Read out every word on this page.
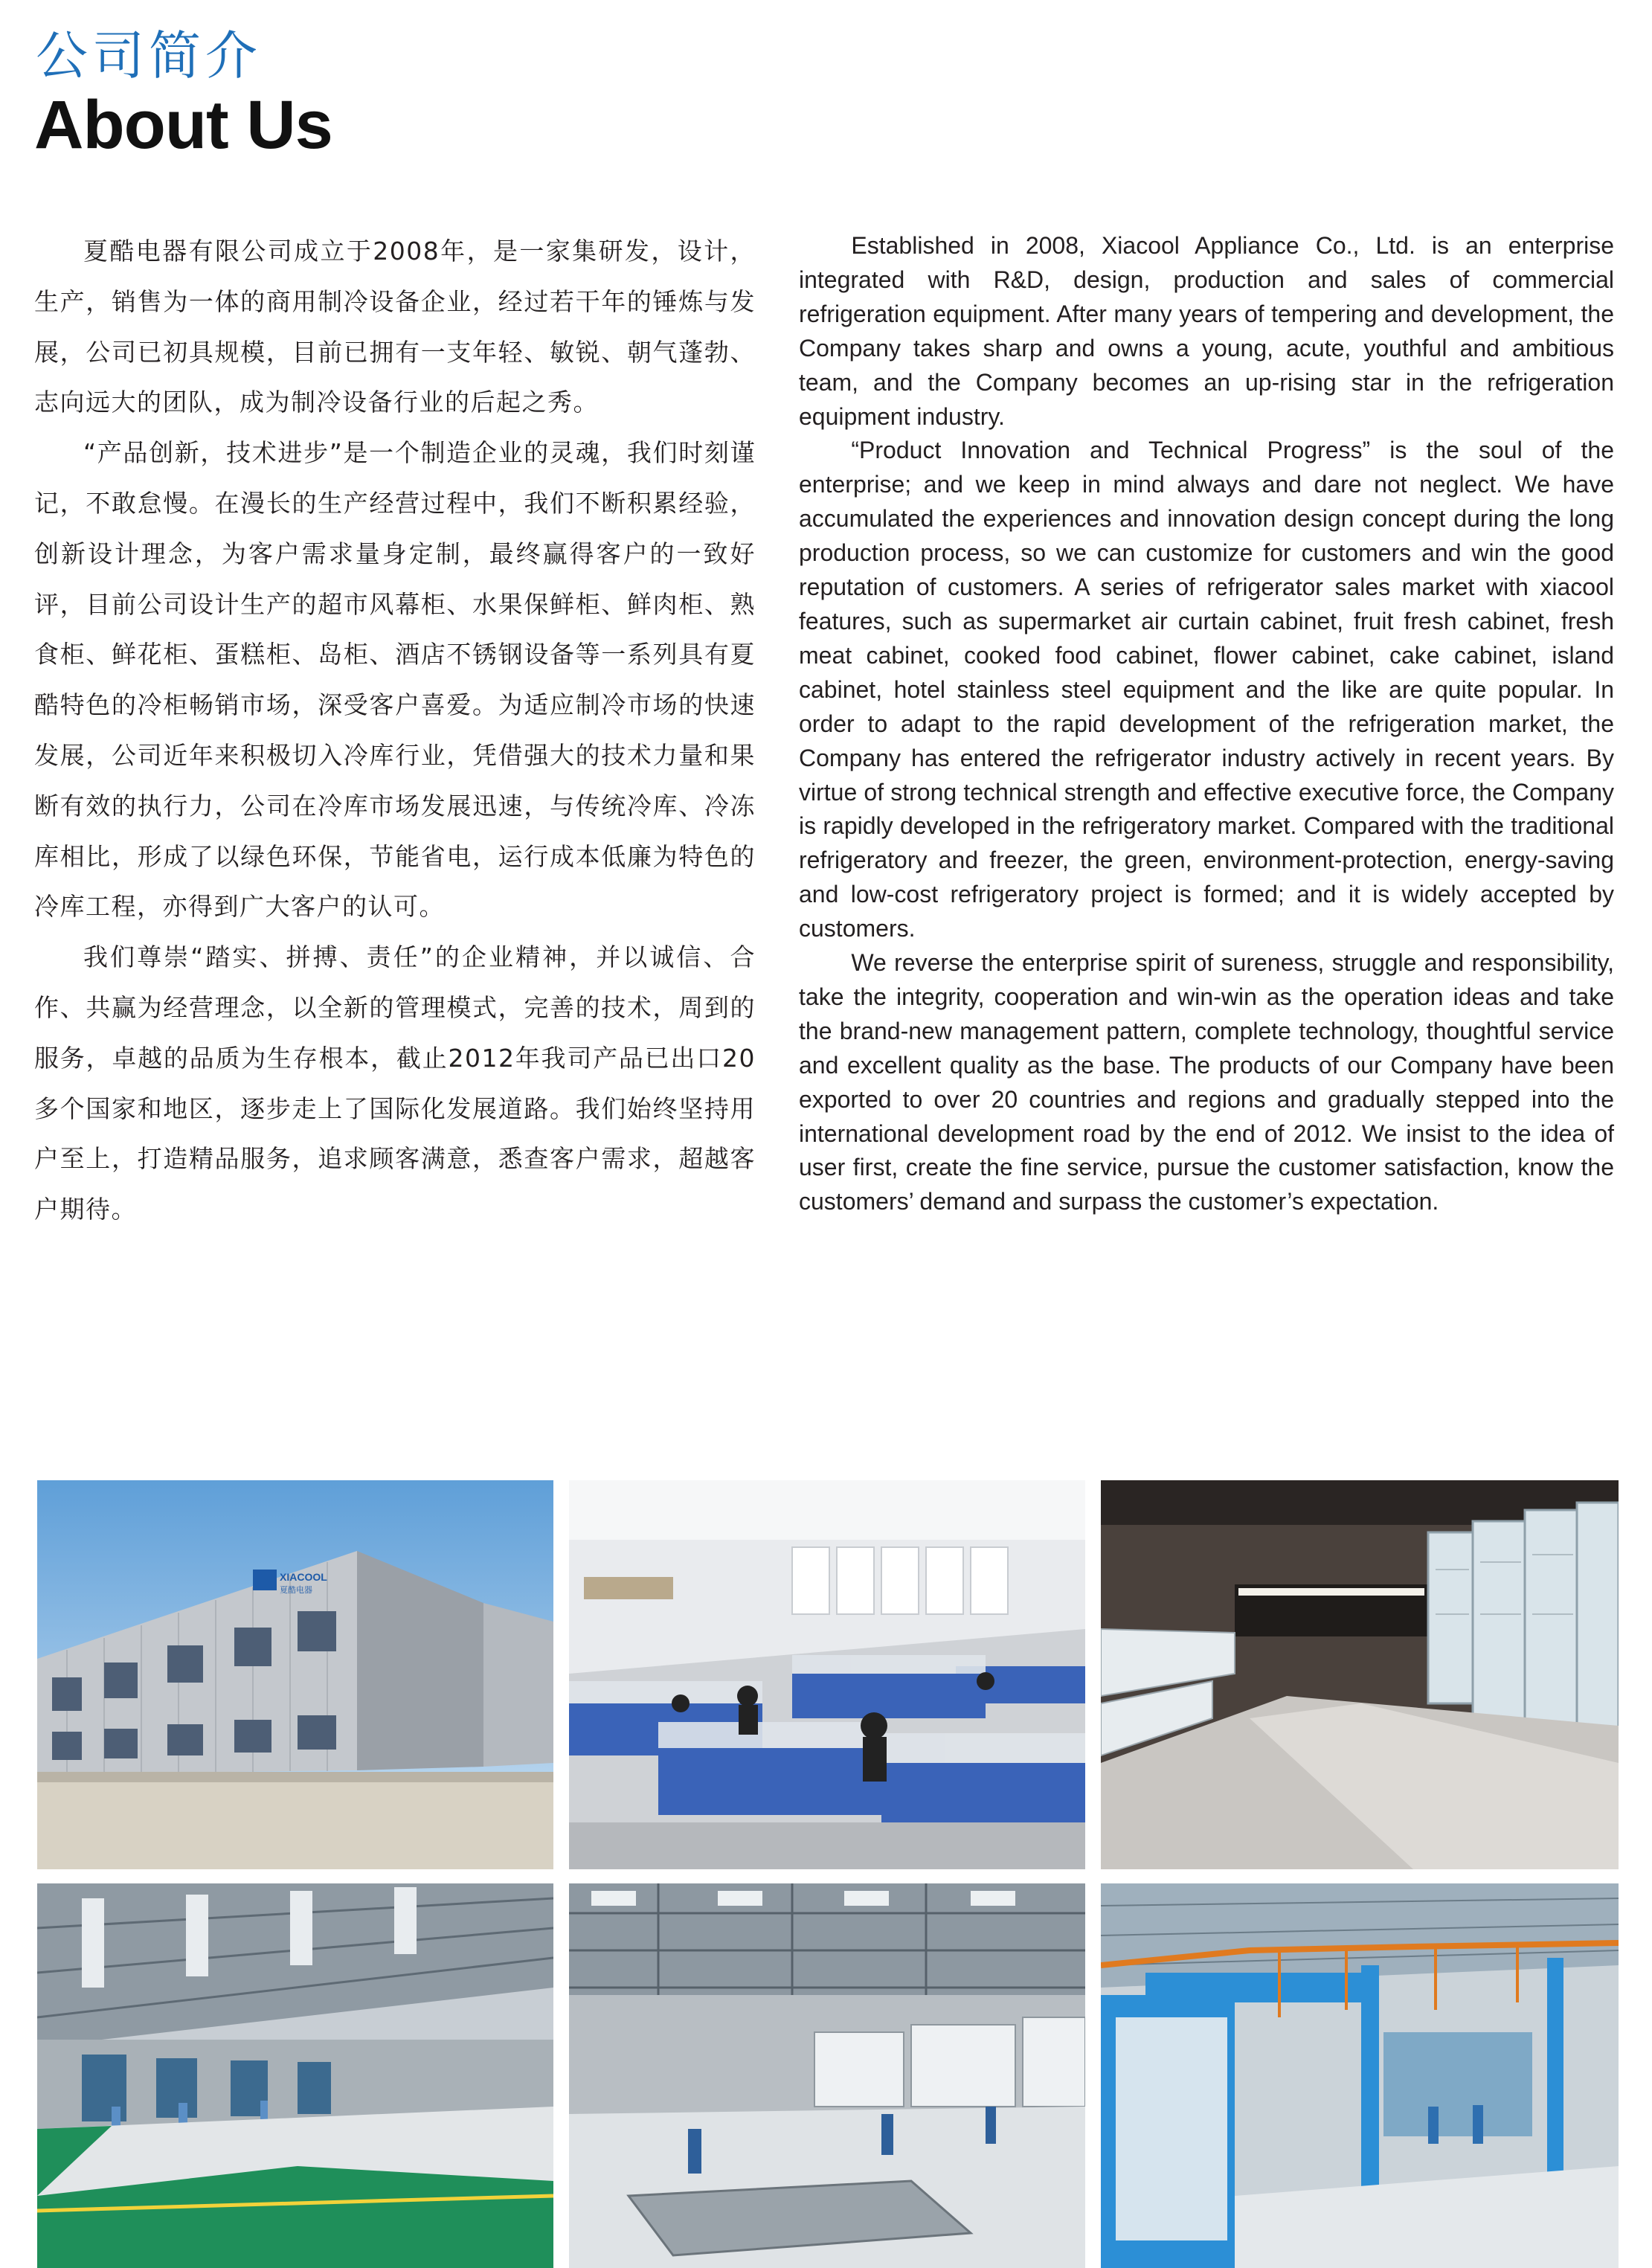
公司简介
About Us

夏酷电器有限公司成立于2008年，是一家集研发，设计，生产，销售为一体的商用制冷设备企业，经过若干年的锤炼与发展，公司已初具规模，目前已拥有一支年轻、敏锐、朝气蓬勃、志向远大的团队，成为制冷设备行业的后起之秀。

“产品创新，技术进步”是一个制造企业的灵魂，我们时刻谨记，不敢怠慢。在漫长的生产经营过程中，我们不断积累经验，创新设计理念，为客户需求量身定制，最终赢得客户的一致好评，目前公司设计生产的超市风幕柜、水果保鲜柜、鲜肉柜、熟食柜、鲜花柜、蛋糕柜、岛柜、酒店不锈钢设备等一系列具有夏酷特色的冷柜畅销市场，深受客户喜爱。为适应制冷市场的快速发展，公司近年来积极切入冷库行业，凭借强大的技术力量和果断有效的执行力，公司在冷库市场发展迅速，与传统冷库、冷冻库相比，形成了以绿色环保，节能省电，运行成本低廉为特色的冷库工程，亦得到广大客户的认可。

我们尊崇“踏实、拼搏、责任”的企业精神，并以诚信、合作、共赢为经营理念，以全新的管理模式，完善的技术，周到的服务，卓越的品质为生存根本，截止2012年我司产品已出口20多个国家和地区，逐步走上了国际化发展道路。我们始终坚持用户至上，打造精品服务，追求顾客满意，悉查客户需求，超越客户期待。

Established in 2008, Xiacool Appliance Co., Ltd. is an enterprise integrated with R&D, design, production and sales of commercial refrigeration equipment. After many years of tempering and development, the Company takes sharp and owns a young, acute, youthful and ambitious team, and the Company becomes an up-rising star in the refrigeration equipment industry.

“Product Innovation and Technical Progress” is the soul of the enterprise; and we keep in mind always and dare not neglect. We have accumulated the experiences and innovation design concept during the long production process, so we can customize for customers and win the good reputation of customers. A series of refrigerator sales market with xiacool features, such as supermarket air curtain cabinet, fruit fresh cabinet, fresh meat cabinet, cooked food cabinet, flower cabinet, cake cabinet, island cabinet, hotel stainless steel equipment and the like are quite popular. In order to adapt to the rapid development of the refrigeration market, the Company has entered the refrigerator industry actively in recent years. By virtue of strong technical strength and effective executive force, the Company is rapidly developed in the refrigeratory market. Compared with the traditional refrigeratory and freezer, the green, environment-protection, energy-saving and low-cost refrigeratory project is formed; and it is widely accepted by customers.

We reverse the enterprise spirit of sureness, struggle and responsibility, take the integrity, cooperation and win-win as the operation ideas and take the brand-new management pattern, complete technology, thoughtful service and excellent quality as the base. The products of our Company have been exported to over 20 countries and regions and gradually stepped into the international development road by the end of 2012. We insist to the idea of user first, create the fine service, pursue the customer satisfaction, know the customers’ demand and surpass the customer’s expectation.

XIACOOL
夏酷电器
